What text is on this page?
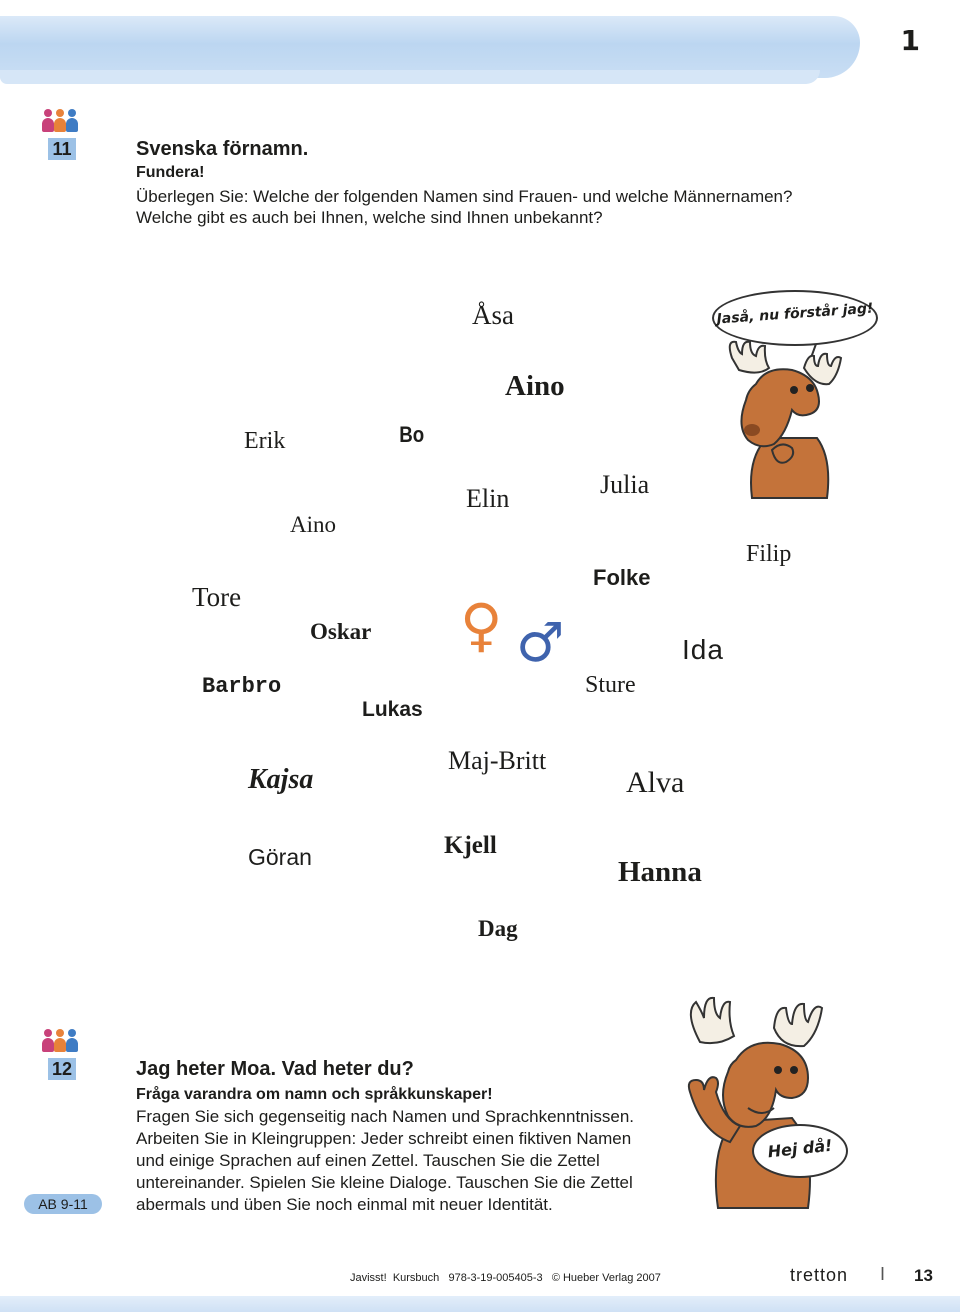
1
11	Svenska förnamn.
Fundera!
Überlegen Sie: Welche der folgenden Namen sind Frauen- und welche Männernamen?
Welche gibt es auch bei Ihnen, welche sind Ihnen unbekannt?
Åsa
Aino
Erik	Bo
Elin	Julia
Aino
Filip
Folke
Tore
Oskar
Ida
Barbro	Sture
Lukas
Maj-Britt
Kajsa	Alva
Göran	Kjell
Hanna
Dag
♀ ♂
Jaså, nu förstår jag!
12	Jag heter Moa. Vad heter du?
Fråga varandra om namn och språkkunskaper!
Fragen Sie sich gegenseitig nach Namen und Sprachkenntnissen.
Arbeiten Sie in Kleingruppen: Jeder schreibt einen fiktiven Namen
und einige Sprachen auf einen Zettel. Tauschen Sie die Zettel
untereinander. Spielen Sie kleine Dialoge. Tauschen Sie die Zettel
abermals und üben Sie noch einmal mit neuer Identität.
AB 9-11
Hej då!
Javisst! Kursbuch 978-3-19-005405-3 © Hueber Verlag 2007	tretton I 13
